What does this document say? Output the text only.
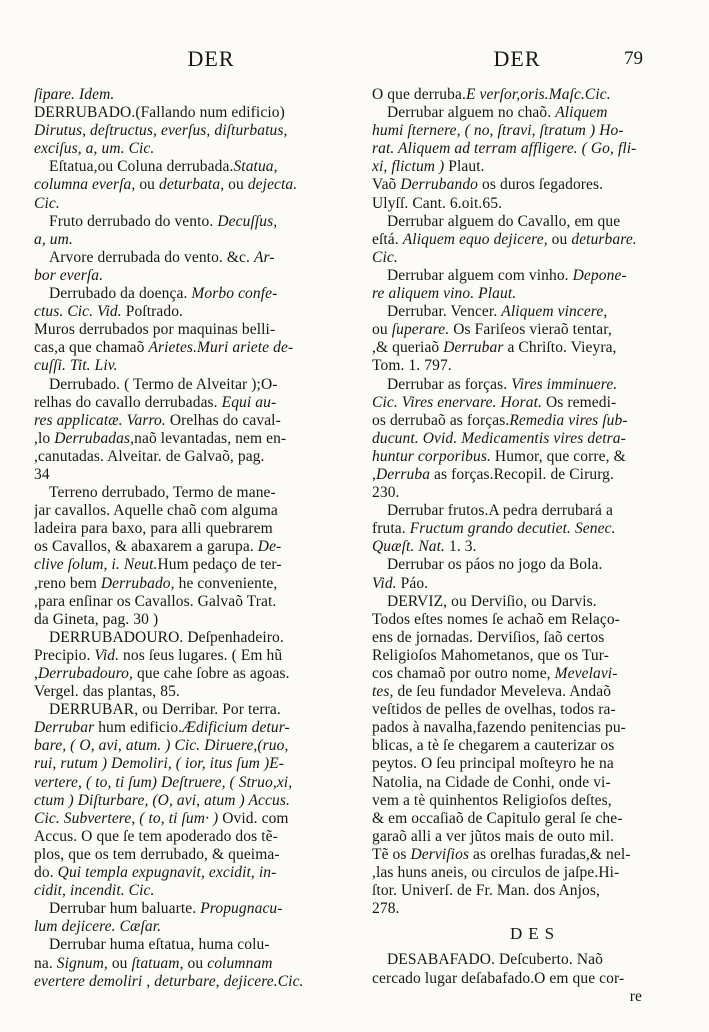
DER	DER	79
ſipare. Idem.
DERRUBADO.(Fallando num edificio)
Dirutus, deſtructus, everſus, diſturbatus,
exciſus, a, um. Cic.
Eſtatua,ou Coluna derrubada.Statua,
columna everſa, ou deturbata, ou dejecta.
Cic.
Fruto derrubado do vento. Decuſſus,
a, um.
Arvore derrubada do vento. &c. Ar-
bor everſa.
Derrubado da doença. Morbo confe-
ctus. Cic. Vid. Poſtrado.
Muros derrubados por maquinas belli-
cas,a que chamaõ Arietes.Muri ariete de-
cuſſi. Tit. Liv.
Derrubado. ( Termo de Alveitar );O-
relhas do cavallo derrubadas. Equi au-
res applicatæ. Varro. Orelhas do caval-
,lo Derrubadas,naõ levantadas, nem en-
,canutadas. Alveitar. de Galvaõ, pag.
34
Terreno derrubado, Termo de mane-
jar cavallos. Aquelle chaõ com alguma
ladeira para baxo, para alli quebrarem
os Cavallos, & abaxarem a garupa. De-
clive ſolum, i. Neut.Hum pedaço de ter-
,reno bem Derrubado, he conveniente,
,para enſinar os Cavallos. Galvaõ Trat.
da Gineta, pag. 30 )
DERRUBADOURO. Deſpenhadeiro.
Precipio. Vid. nos ſeus lugares. ( Em hũ
,Derrubadouro, que cahe ſobre as agoas.
Vergel. das plantas, 85.
DERRUBAR, ou Derribar. Por terra.
Derrubar hum edificio.Ædificium detur-
bare, ( O, avi, atum. ) Cic. Diruere,(ruo,
rui, rutum ) Demoliri, ( ior, itus ſum )E-
vertere, ( to, ti ſum) Deſtruere, ( Struo,xi,
ctum ) Diſturbare, (O, avi, atum ) Accus.
Cic. Subvertere, ( to, ti ſum· ) Ovid. com
Accus. O que ſe tem apoderado dos tẽ-
plos, que os tem derrubado, & queima-
do. Qui templa expugnavit, excidit, in-
cidit, incendit. Cic.
Derrubar hum baluarte. Propugnacu-
lum dejicere. Cæſar.
Derrubar huma eſtatua, huma colu-
na. Signum, ou ſtatuam, ou columnam
evertere demoliri , deturbare, dejicere.Cic.
O que derruba.E verſor,oris.Maſc.Cic.
Derrubar alguem no chaõ. Aliquem
humi ſternere, ( no, ſtravi, ſtratum ) Ho-
rat. Aliquem ad terram affligere. ( Go, fli-
xi, flictum ) Plaut.
Vaõ Derrubando os duros ſegadores.
Ulyſſ. Cant. 6.oit.65.
Derrubar alguem do Cavallo, em que
eſtá. Aliquem equo dejicere, ou deturbare.
Cic.
Derrubar alguem com vinho. Depone-
re aliquem vino. Plaut.
Derrubar. Vencer. Aliquem vincere,
ou ſuperare. Os Fariſeos vieraõ tentar,
,& queriaõ Derrubar a Chriſto. Vieyra,
Tom. 1. 797.
Derrubar as forças. Vires imminuere.
Cic. Vires enervare. Horat. Os remedi-
os derrubaõ as forças.Remedia vires ſub-
ducunt. Ovid. Medicamentis vires detra-
huntur corporibus. Humor, que corre, &
,Derruba as forças.Recopil. de Cirurg.
230.
Derrubar frutos.A pedra derrubará a
fruta. Fructum grando decutiet. Senec.
Quæſt. Nat. 1. 3.
Derrubar os páos no jogo da Bola.
Vid. Páo.
DERVIZ, ou Derviſio, ou Darvis.
Todos eſtes nomes ſe achaõ em Relaço-
ens de jornadas. Derviſios, ſaõ certos
Religioſos Mahometanos, que os Tur-
cos chamaõ por outro nome, Mevelavi-
tes, de ſeu fundador Meveleva. Andaõ
veſtidos de pelles de ovelhas, todos ra-
pados à navalha,fazendo penitencias pu-
blicas, a tè ſe chegarem a cauterizar os
peytos. O ſeu principal moſteyro he na
Natolia, na Cidade de Conhi, onde vi-
vem a tè quinhentos Religioſos deſtes,
& em occaſiaõ de Capitulo geral ſe che-
garaõ alli a ver jũtos mais de outo mil.
Tẽ os Derviſios as orelhas furadas,& nel-
,las huns aneis, ou circulos de jaſpe.Hi-
ſtor. Univerſ. de Fr. Man. dos Anjos,
278.
DES
DESABAFADO. Deſcuberto. Naõ
cercado lugar deſabafado.O em que cor-
re
